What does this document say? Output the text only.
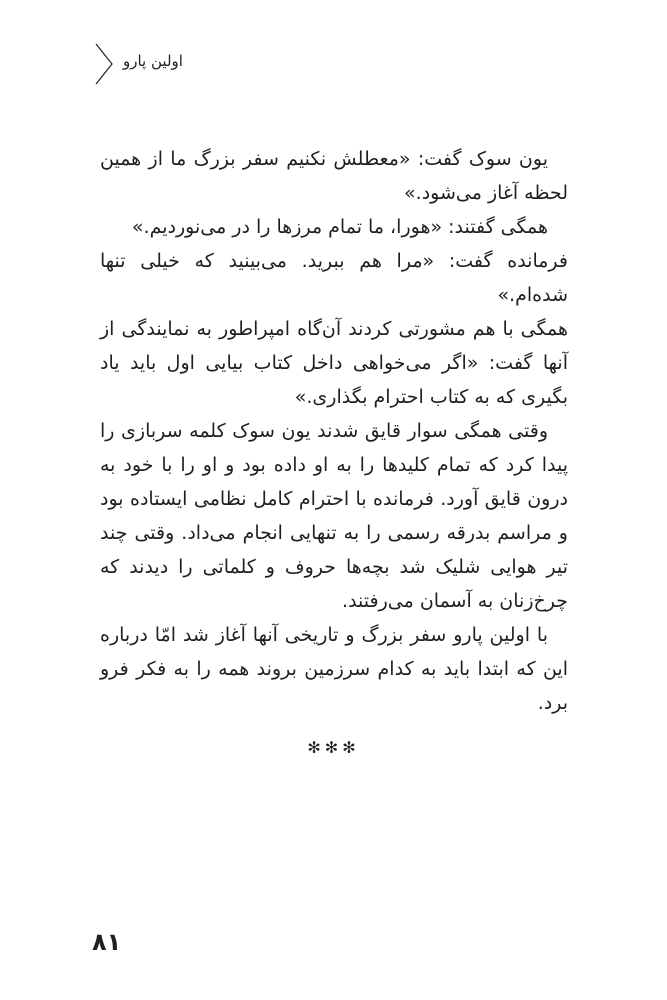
اولین پارو

یون سوک گفت: «معطلش نکنیم سفر بزرگ ما از همین لحظه آغاز می‌شود.»

همگی گفتند: «هورا، ما تمام مرزها را در می‌نوردیم.»

فرمانده گفت: «مرا هم ببرید. می‌بینید که خیلی تنها شده‌ام.»

همگی با هم مشورتی کردند آن‌گاه امپراطور به نمایندگی از آنها گفت: «اگر می‌خواهی داخل کتاب بیایی اول باید یاد بگیری که به کتاب احترام بگذاری.»

وقتی همگی سوار قایق شدند یون سوک کلمه سربازی را پیدا کرد که تمام کلیدها را به او داده بود و او را با خود به درون قایق آورد. فرمانده با احترام کامل نظامی ایستاده بود و مراسم بدرقه رسمی را به تنهایی انجام می‌داد. وقتی چند تیر هوایی شلیک شد بچه‌ها حروف و کلماتی را دیدند که چرخ‌زنان به آسمان می‌رفتند.

با اولین پارو سفر بزرگ و تاریخی آنها آغاز شد امّا درباره این که ابتدا باید به کدام سرزمین بروند همه را به فکر فرو برد.

✻✻✻
۸۱
